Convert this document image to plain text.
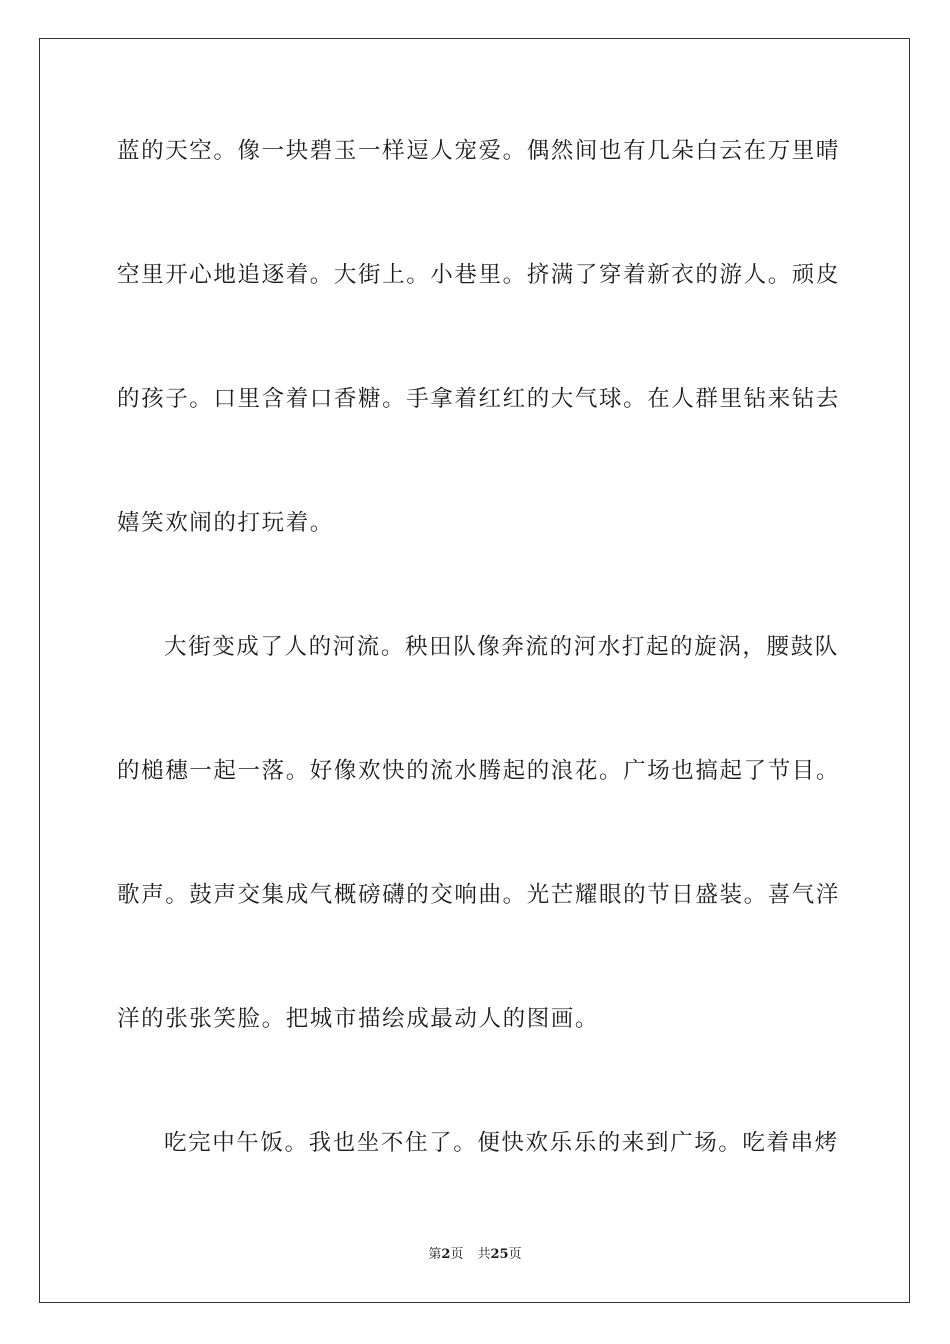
蓝的天空。像一块碧玉一样逗人宠爱。偶然间也有几朵白云在万里晴
空里开心地追逐着。大街上。小巷里。挤满了穿着新衣的游人。顽皮
的孩子。口里含着口香糖。手拿着红红的大气球。在人群里钻来钻去
嬉笑欢闹的打玩着。
大街变成了人的河流。秧田队像奔流的河水打起的旋涡，腰鼓队
的槌穗一起一落。好像欢快的流水腾起的浪花。广场也搞起了节目。
歌声。鼓声交集成气概磅礴的交响曲。光芒耀眼的节日盛装。喜气洋
洋的张张笑脸。把城市描绘成最动人的图画。
吃完中午饭。我也坐不住了。便快欢乐乐的来到广场。吃着串烤
第2页 共25页
